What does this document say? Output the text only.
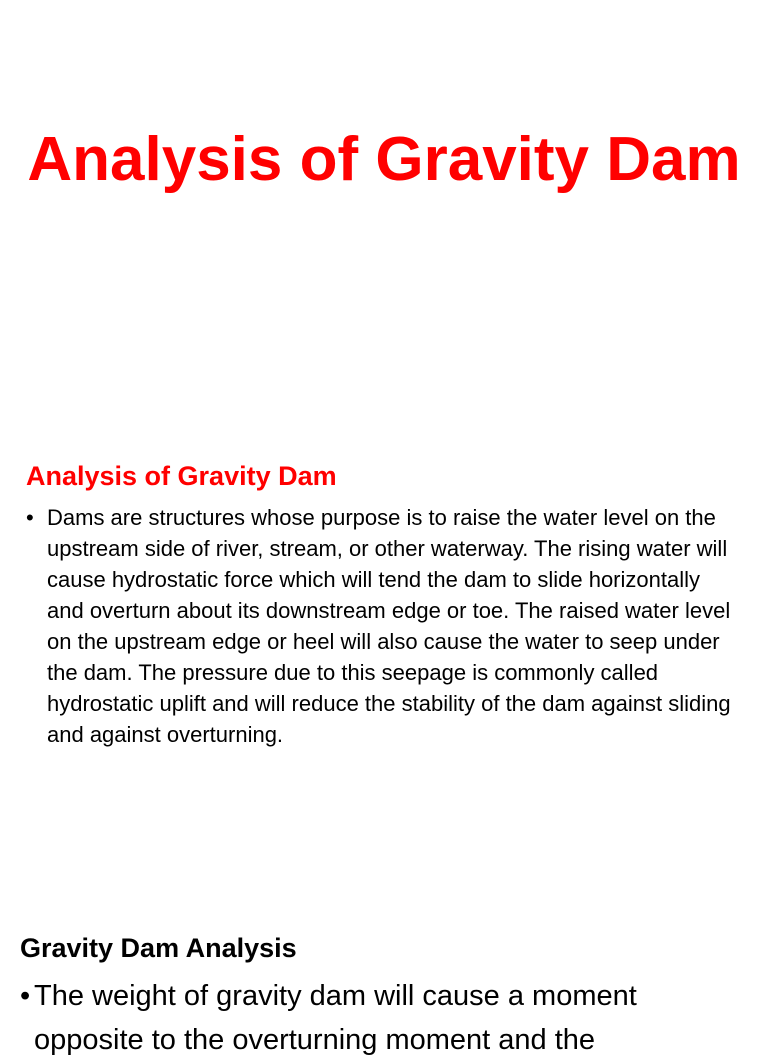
Analysis of Gravity Dam
Analysis of Gravity Dam
• Dams are structures whose purpose is to raise the water level on the upstream side of river, stream, or other waterway. The rising water will cause hydrostatic force which will tend the dam to slide horizontally and overturn about its downstream edge or toe. The raised water level on the upstream edge or heel will also cause the water to seep under the dam. The pressure due to this seepage is commonly called hydrostatic uplift and will reduce the stability of the dam against sliding and against overturning.
Gravity Dam Analysis
• The weight of gravity dam will cause a moment opposite to the overturning moment and the
